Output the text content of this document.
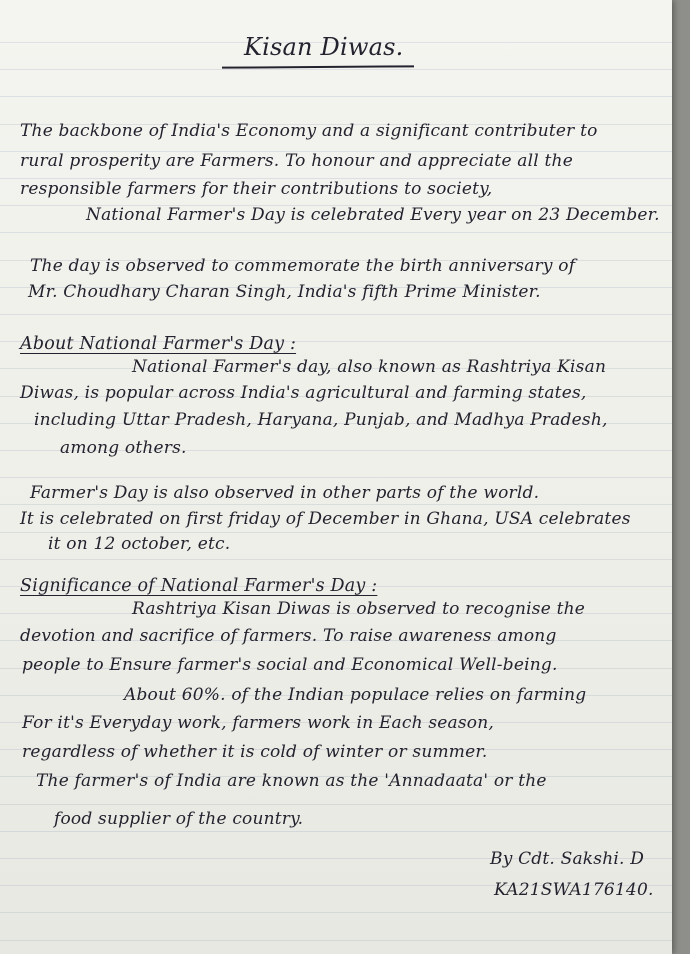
Kisan Diwas.

The backbone of India's Economy and a significant contributer to

rural prosperity are Farmers. To honour and appreciate all the

responsible farmers for their contributions to society,

National Farmer's Day is celebrated Every year on 23 December.

The day is observed to commemorate the birth anniversary of

Mr. Choudhary Charan Singh, India's fifth Prime Minister.

About National Farmer's Day :

National Farmer's day, also known as Rashtriya Kisan

Diwas, is popular across India's agricultural and farming states,

including Uttar Pradesh, Haryana, Punjab, and Madhya Pradesh,

among others.

Farmer's Day is also observed in other parts of the world.

It is celebrated on first friday of December in Ghana, USA celebrates

it on 12 october, etc.

Significance of National Farmer's Day :

Rashtriya Kisan Diwas is observed to recognise the

devotion and sacrifice of farmers. To raise awareness among

people to Ensure farmer's social and Economical Well-being.

About 60%. of the Indian populace relies on farming

For it's Everyday work, farmers work in Each season,

regardless of whether it is cold of winter or summer.

The farmer's of India are known as the 'Annadaata' or the

food supplier of the country.

By Cdt. Sakshi. D

KA21SWA176140.
